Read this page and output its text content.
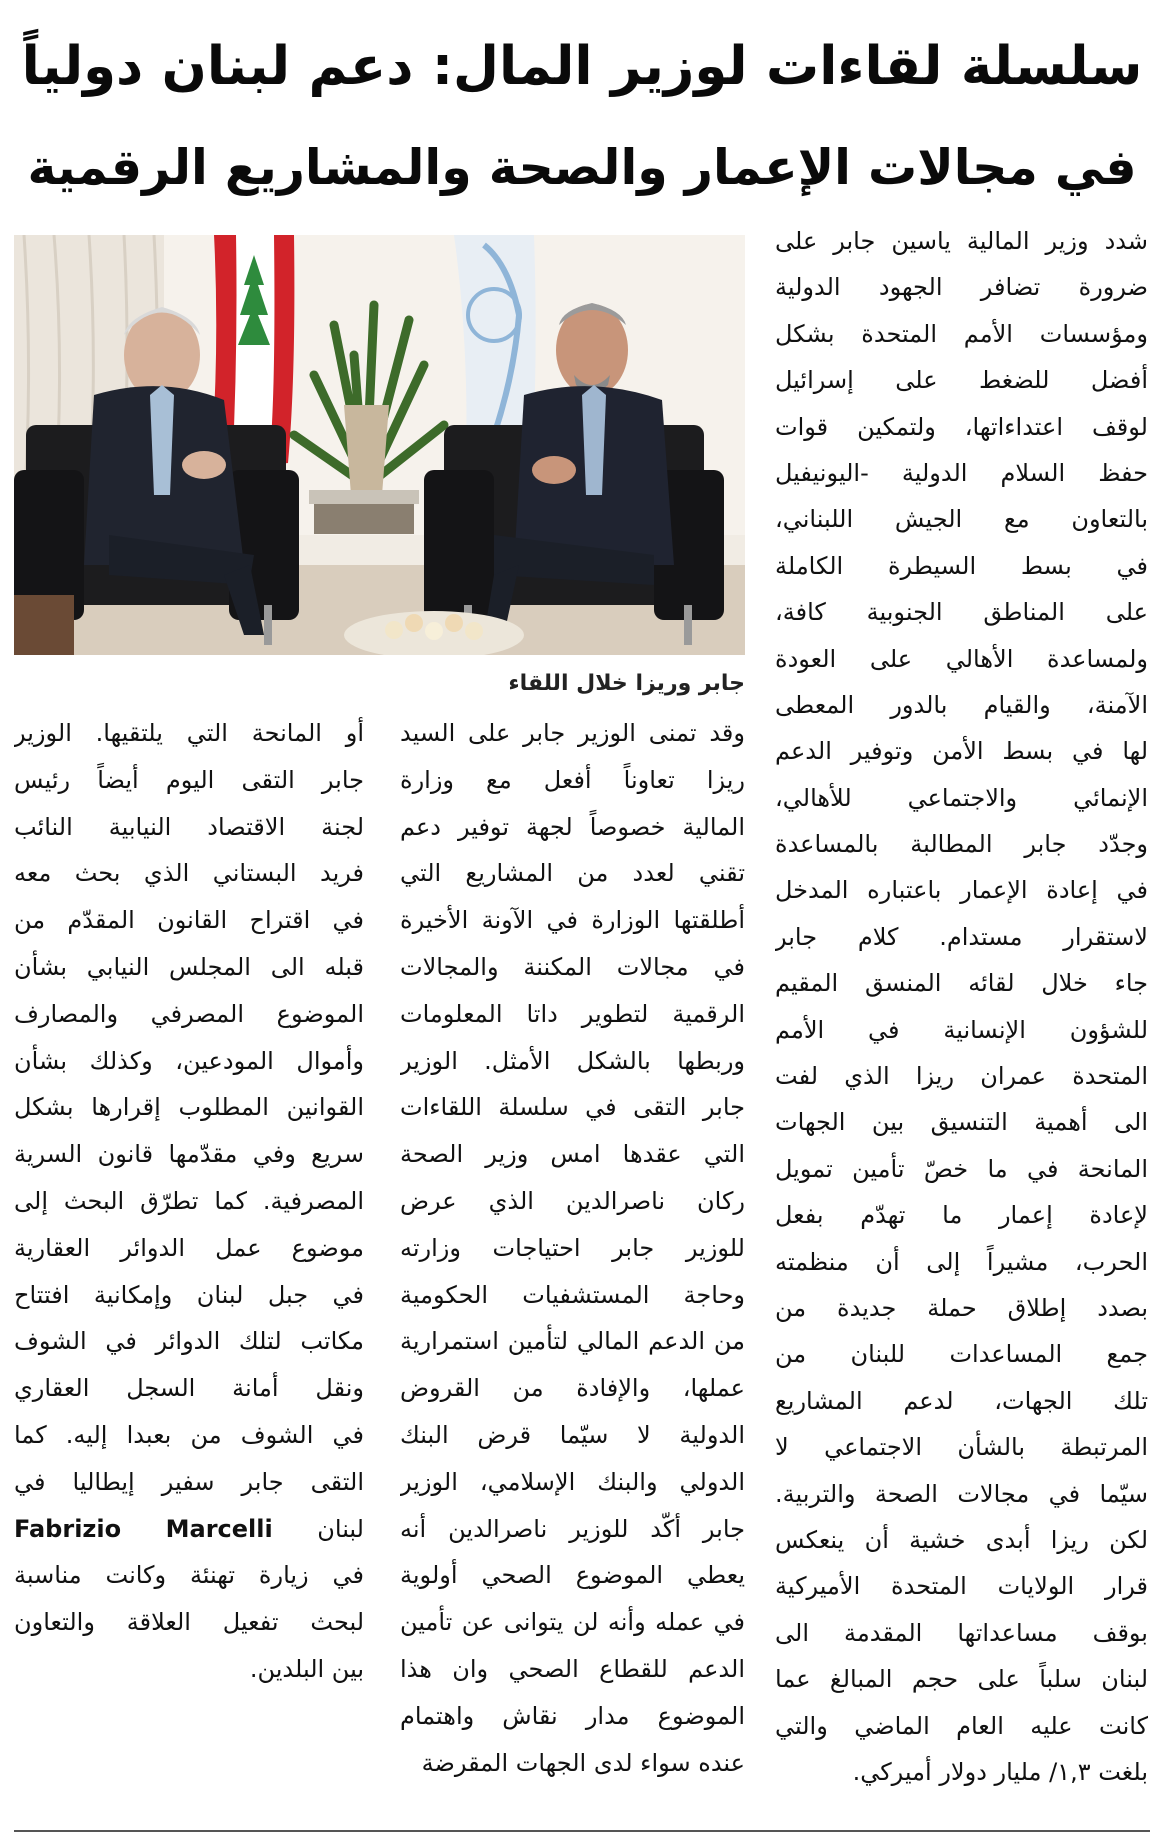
سلسلة لقاءات لوزير المال: دعم لبنان دولياً
في مجالات الإعمار والصحة والمشاريع الرقمية
جابر وريزا خلال اللقاء
شدد وزير المالية ياسين جابر على
ضرورة تضافر الجهود الدولية
ومؤسسات الأمم المتحدة بشكل
أفضل للضغط على إسرائيل
لوقف اعتداءاتها، ولتمكين قوات
حفظ السلام الدولية -اليونيفيل
بالتعاون مع الجيش اللبناني،
في بسط السيطرة الكاملة
على المناطق الجنوبية كافة،
ولمساعدة الأهالي على العودة
الآمنة، والقيام بالدور المعطى
لها في بسط الأمن وتوفير الدعم
الإنمائي والاجتماعي للأهالي،
وجدّد جابر المطالبة بالمساعدة
في إعادة الإعمار باعتباره المدخل
لاستقرار مستدام. كلام جابر
جاء خلال لقائه المنسق المقيم
للشؤون الإنسانية في الأمم
المتحدة عمران ريزا الذي لفت
الى أهمية التنسيق بين الجهات
المانحة في ما خصّ تأمين تمويل
لإعادة إعمار ما تهدّم بفعل
الحرب، مشيراً إلى أن منظمته
بصدد إطلاق حملة جديدة من
جمع المساعدات للبنان من
تلك الجهات، لدعم المشاريع
المرتبطة بالشأن الاجتماعي لا
سيّما في مجالات الصحة والتربية.
لكن ريزا أبدى خشية أن ينعكس
قرار الولايات المتحدة الأميركية
بوقف مساعداتها المقدمة الى
لبنان سلباً على حجم المبالغ عما
كانت عليه العام الماضي والتي
بلغت ١,٣/ مليار دولار أميركي.
وقد تمنى الوزير جابر على السيد
ريزا تعاوناً أفعل مع وزارة
المالية خصوصاً لجهة توفير دعم
تقني لعدد من المشاريع التي
أطلقتها الوزارة في الآونة الأخيرة
في مجالات المكننة والمجالات
الرقمية لتطوير داتا المعلومات
وربطها بالشكل الأمثل. الوزير
جابر التقى في سلسلة اللقاءات
التي عقدها امس وزير الصحة
ركان ناصرالدين الذي عرض
للوزير جابر احتياجات وزارته
وحاجة المستشفيات الحكومية
من الدعم المالي لتأمين استمرارية
عملها، والإفادة من القروض
الدولية لا سيّما قرض البنك
الدولي والبنك الإسلامي، الوزير
جابر أكّد للوزير ناصرالدين أنه
يعطي الموضوع الصحي أولوية
في عمله وأنه لن يتوانى عن تأمين
الدعم للقطاع الصحي وان هذا
الموضوع مدار نقاش واهتمام
عنده سواء لدى الجهات المقرضة
أو المانحة التي يلتقيها. الوزير
جابر التقى اليوم أيضاً رئيس
لجنة الاقتصاد النيابية النائب
فريد البستاني الذي بحث معه
في اقتراح القانون المقدّم من
قبله الى المجلس النيابي بشأن
الموضوع المصرفي والمصارف
وأموال المودعين، وكذلك بشأن
القوانين المطلوب إقرارها بشكل
سريع وفي مقدّمها قانون السرية
المصرفية. كما تطرّق البحث إلى
موضوع عمل الدوائر العقارية
في جبل لبنان وإمكانية افتتاح
مكاتب لتلك الدوائر في الشوف
ونقل أمانة السجل العقاري
في الشوف من بعبدا إليه. كما
التقى جابر سفير إيطاليا في
Fabrizio Marcelli لبنان
في زيارة تهنئة وكانت مناسبة
لبحث تفعيل العلاقة والتعاون
بين البلدين.
